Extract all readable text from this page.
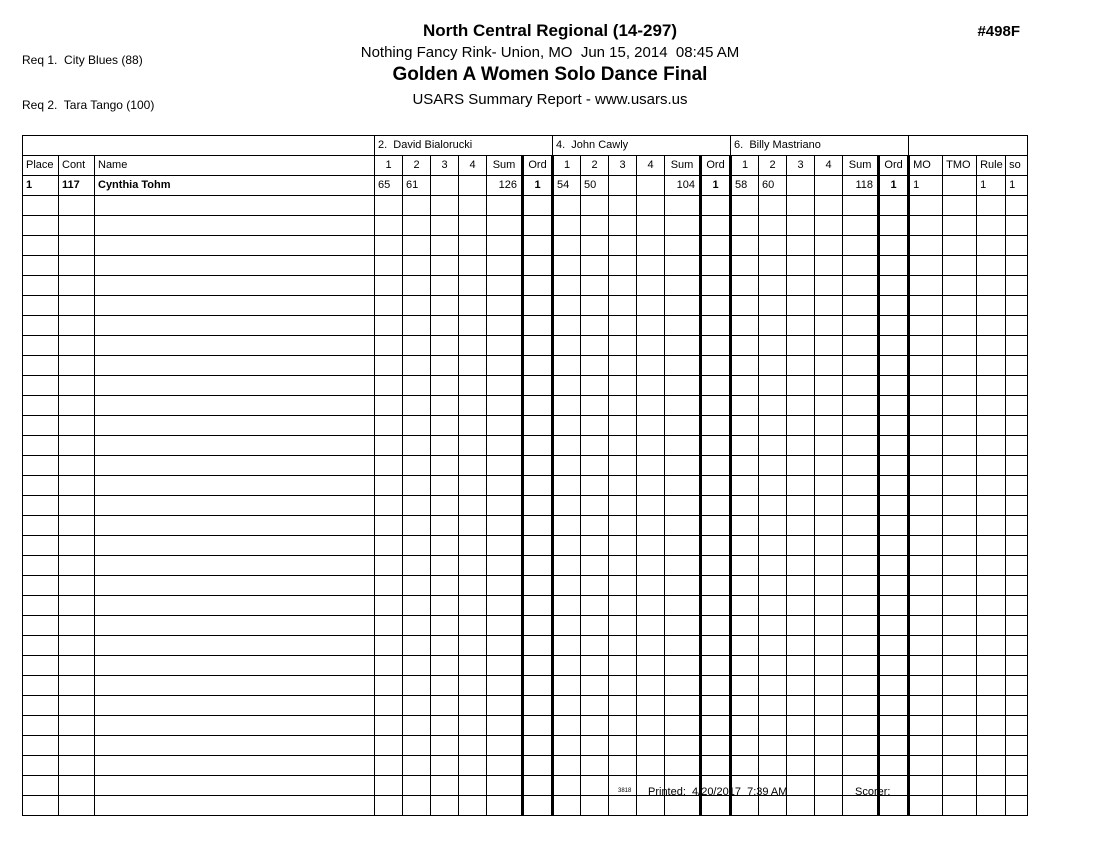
Req 1.  City Blues (88)

Req 2.  Tara Tango (100)

North Central Regional (14-297)
Nothing Fancy Rink- Union, MO  Jun 15, 2014  08:45 AM
Golden A Women Solo Dance Final
USARS Summary Report - www.usars.us
#498F
			2.  David Bialorucki						4.  John Cawly						6.  Billy Mastriano									
Place	Cont	Name	1	2	3	4	Sum	Ord	1	2	3	4	Sum	Ord	1	2	3	4	Sum	Ord	MO	TMO	Rule	so
1	117	Cynthia Tohm	65	61			126	1	54	50			104	1	58	60			118	1	1		1	1

3818 Printed:  4/20/2017  7:39 AM	Scorer:
